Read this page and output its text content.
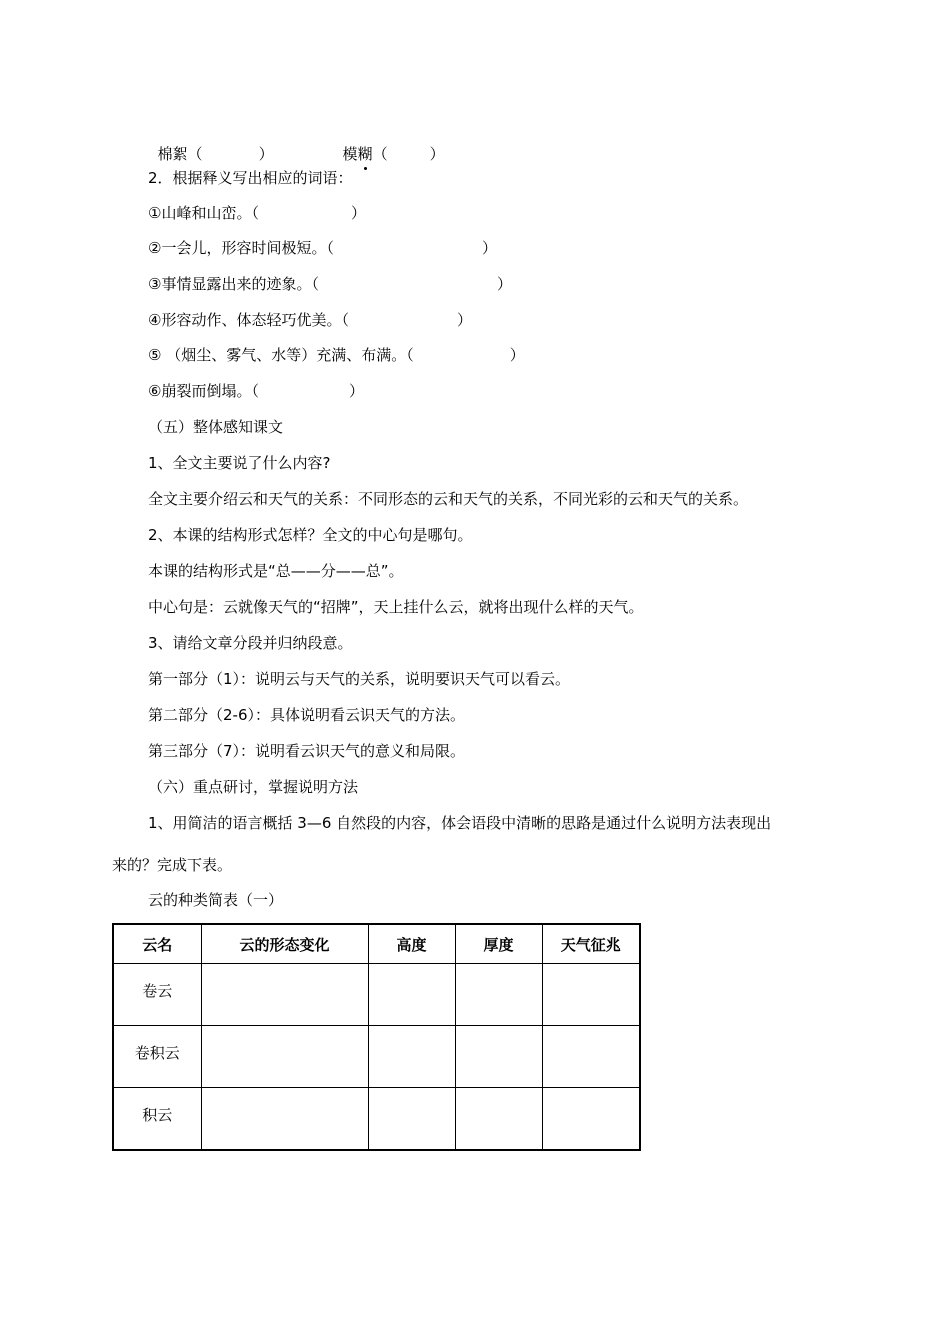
棉絮（	）	模糊（	）

2．根据释义写出相应的词语：
①山峰和山峦。（	）
②一会儿，形容时间极短。（	）
③事情显露出来的迹象。（	）
④形容动作、体态轻巧优美。（	）
⑤ （烟尘、雾气、水等）充满、布满。（	）
⑥崩裂而倒塌。（	）
（五）整体感知课文
1、全文主要说了什么内容?
全文主要介绍云和天气的关系：不同形态的云和天气的关系，不同光彩的云和天气的关系。
2、本课的结构形式怎样？全文的中心句是哪句。
本课的结构形式是“总——分——总”。
中心句是：云就像天气的“招牌”，天上挂什么云，就将出现什么样的天气。
3、请给文章分段并归纳段意。
第一部分（1）：说明云与天气的关系，说明要识天气可以看云。
第二部分（2-6）：具体说明看云识天气的方法。
第三部分（7）：说明看云识天气的意义和局限。
（六）重点研讨，掌握说明方法
1、用简洁的语言概括 3—6 自然段的内容，体会语段中清晰的思路是通过什么说明方法表现出
来的？完成下表。
云的种类简表（一）
云名	云的形态变化	高度	厚度	天气征兆
卷云				
卷积云				
积云				
